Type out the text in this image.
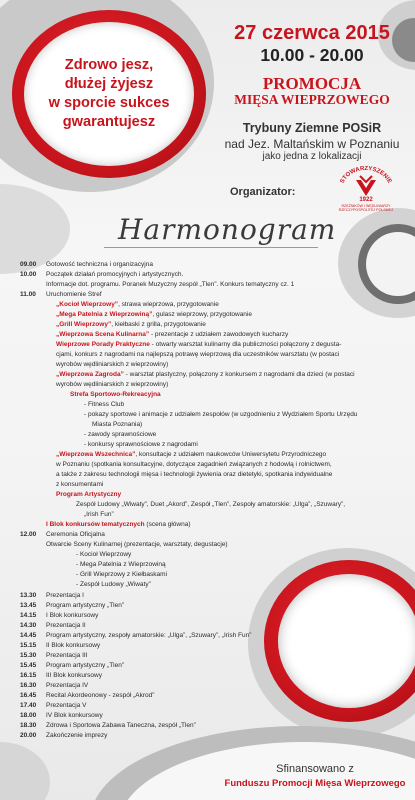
Zdrowo jesz,
dłużej żyjesz
w sporcie sukces
gwarantujesz
27 czerwca 2015
10.00 - 20.00
PROMOCJA
MIĘSA WIEPRZOWEGO
Trybuny Ziemne POSiR
nad Jez. Maltańskim w Poznaniu
jako jedna z lokalizacji
Organizator:
STOWARZYSZENIE
1922
RZEŹNIKÓW I WĘDLINIARZY
RZECZYPOSPOLITEJ POLSKIEJ
Harmonogram
09.00	Gotowość techniczna i organizacyjna
10.00	Początek działań promocyjnych i artystycznych.
Informacje dot. programu. Poranek Muzyczny zespół „Tlen”. Konkurs tematyczny cz. 1
11.00	Uruchomienie Stref
„Kocioł Wieprzowy”, strawa wieprzowa, przygotowanie
„Mega Patelnia z Wieprzowiną”, gulasz wieprzowy, przygotowanie
„Grill Wieprzowy”, kiełbaski z grilla, przygotowanie
„Wieprzowa Scena Kulinarna” - prezentacje z udziałem zawodowych kucharzy
Wieprzowe Porady Praktyczne - otwarty warsztat kulinarny dla publiczności połączony z degusta-
cjami, konkurs z nagrodami na najlepszą potrawę wieprzową dla uczestników warsztatu (w postaci
wyrobów wędliniarskich z wieprzowiny)
„Wieprzowa Zagroda” - warsztat plastyczny, połączony z konkursem z nagrodami dla dzieci (w postaci
wyrobów wędliniarskich z wieprzowiny)
Strefa Sportowo-Rekreacyjna
- Fitness Club
- pokazy sportowe i animacje z udziałem zespołów (w uzgodnieniu z Wydziałem Sportu Urzędu
Miasta Poznania)
- zawody sprawnościowe
- konkursy sprawnościowe z nagrodami
„Wieprzowa Wszechnica”, konsultacje z udziałem naukowców Uniwersytetu Przyrodniczego
w Poznaniu (spotkania konsultacyjne, dotyczące zagadnień związanych z hodowlą i rolnictwem,
a także z zakresu technologii mięsa i technologii żywienia oraz dietetyki, spotkania indywidualne
z konsumentami
Program Artystyczny
Zespół Ludowy „Wiwaty”, Duet „Akord”, Zespół „Tlen”, Zespoły amatorskie: „Ulga”, „Szuwary”,
„Irish Fun”
I Blok konkursów tematycznych (scena główna)
12.00	Ceremonia Oficjalna
Otwarcie Sceny Kulinarnej (prezentacje, warsztaty, degustacje)
- Kocioł Wieprzowy
- Mega Patelnia z Wieprzowiną
- Grill Wieprzowy z Kiełbaskami
- Zespół Ludowy „Wiwaty”
13.30	Prezentacja I
13.45	Program artystyczny „Tlen”
14.15	I Blok konkursowy
14.30	Prezentacja II
14.45	Program artystyczny, zespoły amatorskie: „Ulga”, „Szuwary”, „Irish Fun”
15.15	II Blok konkursowy
15.30	Prezentacja III
15.45	Program artystyczny „Tlen”
16.15	III Blok konkursowy
16.30	Prezentacja IV
16.45	Recital Akordeonowy - zespół „Akrod”
17.40	Prezentacja V
18.00	IV Blok konkursowy
18.30	Zdrowa i Sportowa Zabawa Taneczna, zespół „Tlen”
20.00	Zakończenie imprezy
Sfinansowano z
Funduszu Promocji Mięsa Wieprzowego
